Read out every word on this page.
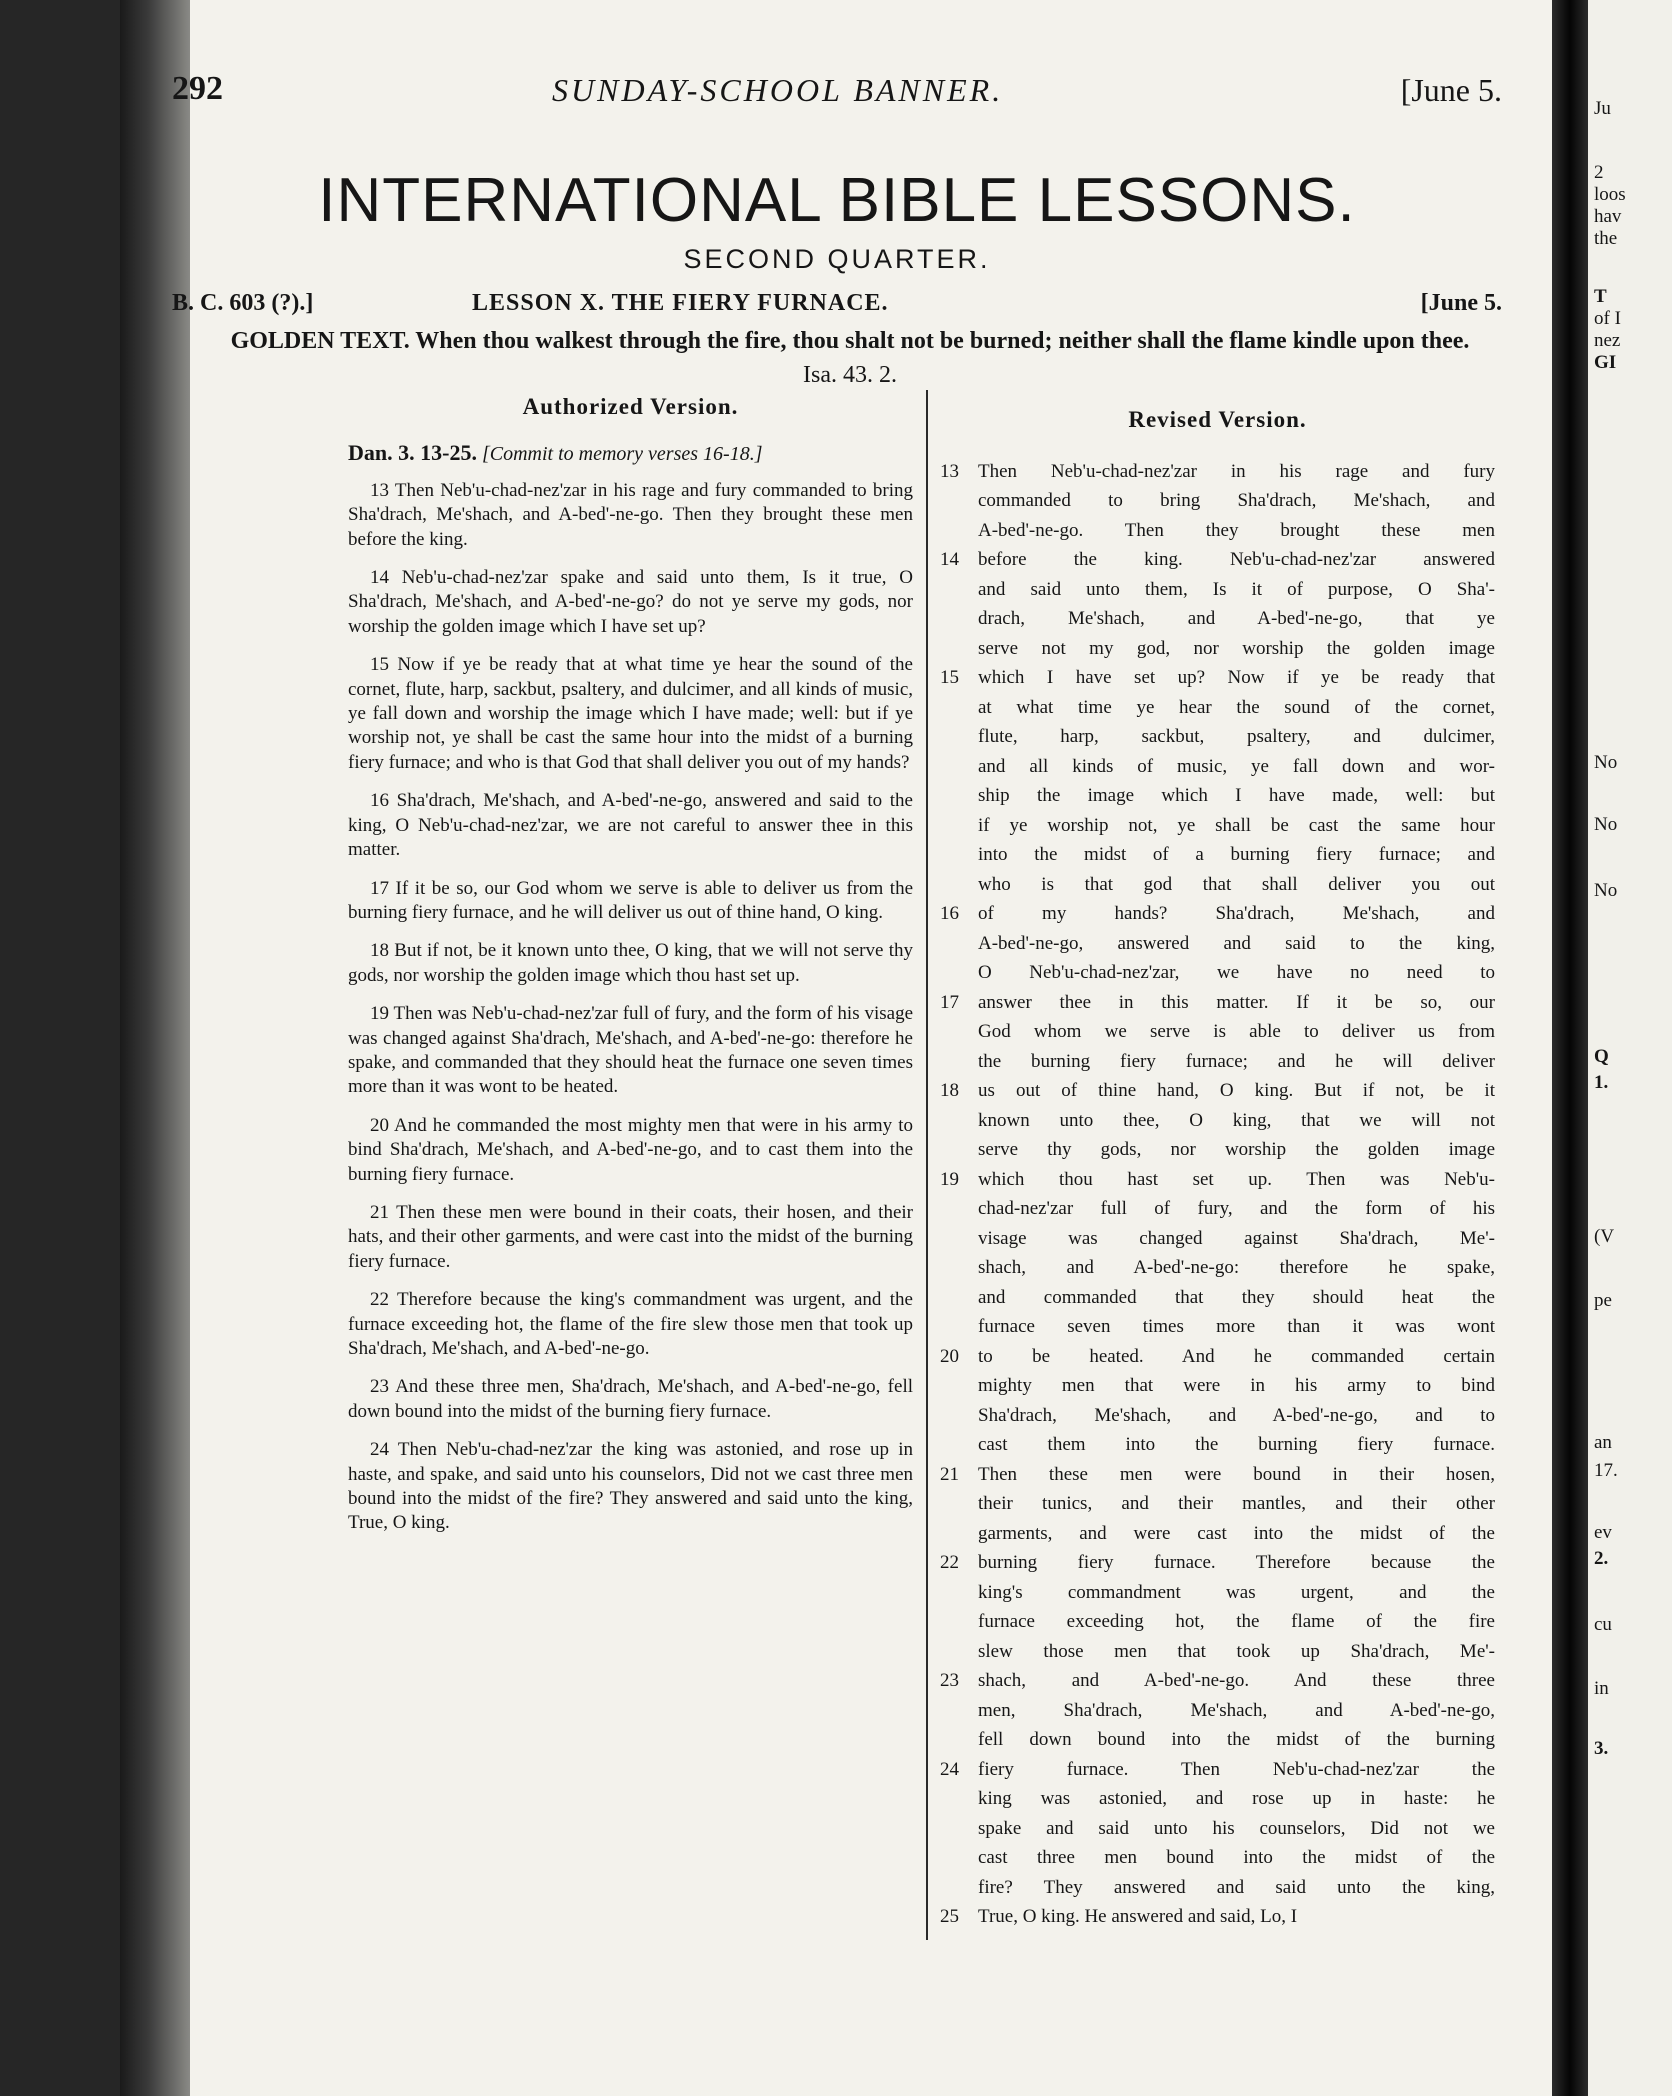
292	SUNDAY-SCHOOL BANNER.	[June 5.
INTERNATIONAL BIBLE LESSONS.
SECOND QUARTER.
B. C. 603 (?).]	LESSON X. THE FIERY FURNACE.	[June 5.
GOLDEN TEXT. When thou walkest through the fire, thou shalt not be burned; neither shall the flame kindle upon thee. Isa. 43. 2.
Authorized Version.
Dan. 3. 13-25. [Commit to memory verses 16-18.]

13 Then Neb'u-chad-nez'zar in his rage and fury commanded to bring Sha'drach, Me'shach, and A-bed'-ne-go. Then they brought these men before the king.

14 Neb'u-chad-nez'zar spake and said unto them, Is it true, O Sha'drach, Me'shach, and A-bed'-ne-go? do not ye serve my gods, nor worship the golden image which I have set up?

15 Now if ye be ready that at what time ye hear the sound of the cornet, flute, harp, sackbut, psaltery, and dulcimer, and all kinds of music, ye fall down and worship the image which I have made; well: but if ye worship not, ye shall be cast the same hour into the midst of a burning fiery furnace; and who is that God that shall deliver you out of my hands?

16 Sha'drach, Me'shach, and A-bed'-ne-go, answered and said to the king, O Neb'u-chad-nez'zar, we are not careful to answer thee in this matter.

17 If it be so, our God whom we serve is able to deliver us from the burning fiery furnace, and he will deliver us out of thine hand, O king.

18 But if not, be it known unto thee, O king, that we will not serve thy gods, nor worship the golden image which thou hast set up.

19 Then was Neb'u-chad-nez'zar full of fury, and the form of his visage was changed against Sha'drach, Me'shach, and A-bed'-ne-go: therefore he spake, and commanded that they should heat the furnace one seven times more than it was wont to be heated.

20 And he commanded the most mighty men that were in his army to bind Sha'drach, Me'shach, and A-bed'-ne-go, and to cast them into the burning fiery furnace.

21 Then these men were bound in their coats, their hosen, and their hats, and their other garments, and were cast into the midst of the burning fiery furnace.

22 Therefore because the king's commandment was urgent, and the furnace exceeding hot, the flame of the fire slew those men that took up Sha'drach, Me'shach, and A-bed'-ne-go.

23 And these three men, Sha'drach, Me'shach, and A-bed'-ne-go, fell down bound into the midst of the burning fiery furnace.

24 Then Neb'u-chad-nez'zar the king was astonied, and rose up in haste, and spake, and said unto his counselors, Did not we cast three men bound into the midst of the fire? They answered and said unto the king, True, O king.

Revised Version.
13 Then Neb'u-chad-nez'zar in his rage and fury
commanded to bring Sha'drach, Me'shach, and
A-bed'-ne-go. Then they brought these men
14 before the king. Neb'u-chad-nez'zar answered
and said unto them, Is it of purpose, O Sha'-
drach, Me'shach, and A-bed'-ne-go, that ye
serve not my god, nor worship the golden image
15 which I have set up? Now if ye be ready that
at what time ye hear the sound of the cornet,
flute, harp, sackbut, psaltery, and dulcimer,
and all kinds of music, ye fall down and wor-
ship the image which I have made, well: but
if ye worship not, ye shall be cast the same hour
into the midst of a burning fiery furnace; and
who is that god that shall deliver you out
16 of my hands? Sha'drach, Me'shach, and
A-bed'-ne-go, answered and said to the king,
O Neb'u-chad-nez'zar, we have no need to
17 answer thee in this matter. If it be so, our
God whom we serve is able to deliver us from
the burning fiery furnace; and he will deliver
18 us out of thine hand, O king. But if not, be it
known unto thee, O king, that we will not
serve thy gods, nor worship the golden image
19 which thou hast set up. Then was Neb'u-
chad-nez'zar full of fury, and the form of his
visage was changed against Sha'drach, Me'-
shach, and A-bed'-ne-go: therefore he spake,
and commanded that they should heat the
furnace seven times more than it was wont
20 to be heated. And he commanded certain
mighty men that were in his army to bind
Sha'drach, Me'shach, and A-bed'-ne-go, and to
cast them into the burning fiery furnace.
21 Then these men were bound in their hosen,
their tunics, and their mantles, and their other
garments, and were cast into the midst of the
22 burning fiery furnace. Therefore because the
king's commandment was urgent, and the
furnace exceeding hot, the flame of the fire
slew those men that took up Sha'drach, Me'-
23 shach, and A-bed'-ne-go. And these three
men, Sha'drach, Me'shach, and A-bed'-ne-go,
fell down bound into the midst of the burning
24 fiery furnace. Then Neb'u-chad-nez'zar the
king was astonied, and rose up in haste: he
spake and said unto his counselors, Did not we
cast three men bound into the midst of the
fire? They answered and said unto the king,
25 True, O king. He answered and said, Lo, I
Ju
2
loos
hav
the
T
of I
nez
GI
No
No
No
Q
1.
(V
pe
an
17.
ev
2.
cu
in
3.
